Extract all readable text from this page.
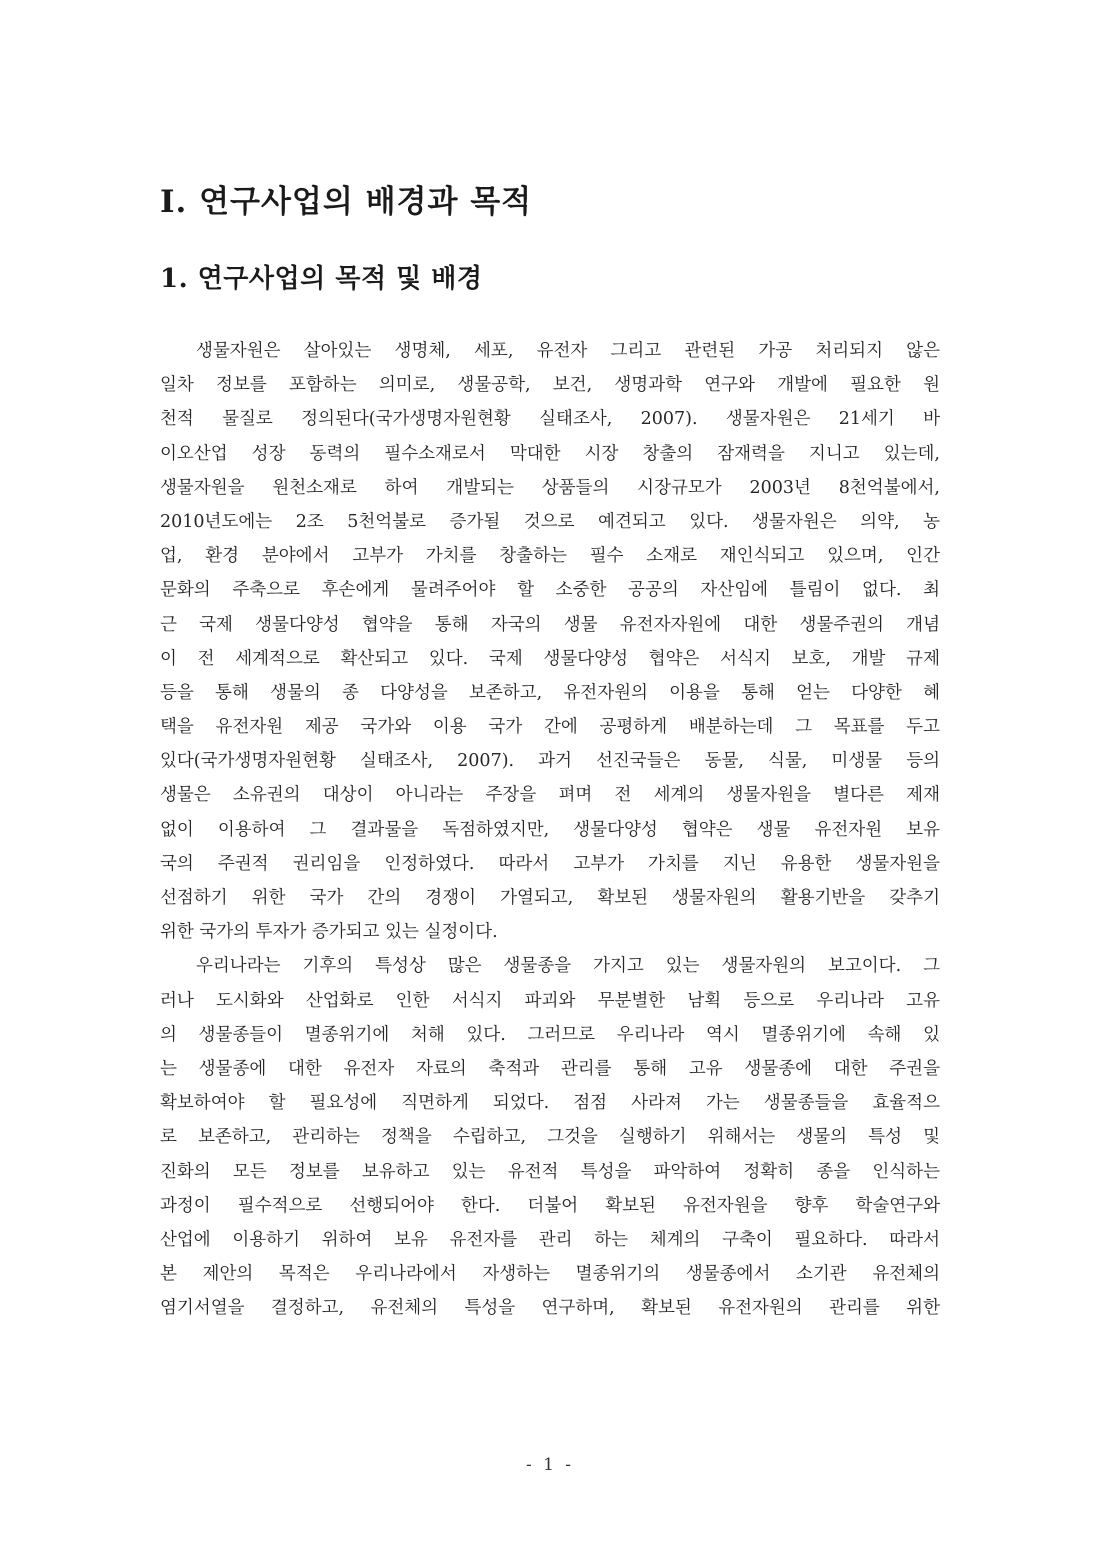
Ⅰ. 연구사업의 배경과 목적
1. 연구사업의 목적 및 배경
생물자원은 살아있는 생명체, 세포, 유전자 그리고 관련된 가공 처리되지 않은
일차 정보를 포함하는 의미로, 생물공학, 보건, 생명과학 연구와 개발에 필요한 원
천적 물질로 정의된다(국가생명자원현황 실태조사, 2007). 생물자원은 21세기 바
이오산업 성장 동력의 필수소재로서 막대한 시장 창출의 잠재력을 지니고 있는데,
생물자원을 원천소재로 하여 개발되는 상품들의 시장규모가 2003년 8천억불에서,
2010년도에는 2조 5천억불로 증가될 것으로 예견되고 있다. 생물자원은 의약, 농
업, 환경 분야에서 고부가 가치를 창출하는 필수 소재로 재인식되고 있으며, 인간
문화의 주축으로 후손에게 물려주어야 할 소중한 공공의 자산임에 틀림이 없다. 최
근 국제 생물다양성 협약을 통해 자국의 생물 유전자자원에 대한 생물주권의 개념
이 전 세계적으로 확산되고 있다. 국제 생물다양성 협약은 서식지 보호, 개발 규제
등을 통해 생물의 종 다양성을 보존하고, 유전자원의 이용을 통해 얻는 다양한 혜
택을 유전자원 제공 국가와 이용 국가 간에 공평하게 배분하는데 그 목표를 두고
있다(국가생명자원현황 실태조사, 2007). 과거 선진국들은 동물, 식물, 미생물 등의
생물은 소유권의 대상이 아니라는 주장을 펴며 전 세계의 생물자원을 별다른 제재
없이 이용하여 그 결과물을 독점하였지만, 생물다양성 협약은 생물 유전자원 보유
국의 주권적 권리임을 인정하였다. 따라서 고부가 가치를 지닌 유용한 생물자원을
선점하기 위한 국가 간의 경쟁이 가열되고, 확보된 생물자원의 활용기반을 갖추기
위한 국가의 투자가 증가되고 있는 실정이다.
우리나라는 기후의 특성상 많은 생물종을 가지고 있는 생물자원의 보고이다. 그
러나 도시화와 산업화로 인한 서식지 파괴와 무분별한 남획 등으로 우리나라 고유
의 생물종들이 멸종위기에 처해 있다. 그러므로 우리나라 역시 멸종위기에 속해 있
는 생물종에 대한 유전자 자료의 축적과 관리를 통해 고유 생물종에 대한 주권을
확보하여야 할 필요성에 직면하게 되었다. 점점 사라져 가는 생물종들을 효율적으
로 보존하고, 관리하는 정책을 수립하고, 그것을 실행하기 위해서는 생물의 특성 및
진화의 모든 정보를 보유하고 있는 유전적 특성을 파악하여 정확히 종을 인식하는
과정이 필수적으로 선행되어야 한다. 더불어 확보된 유전자원을 향후 학술연구와
산업에 이용하기 위하여 보유 유전자를 관리 하는 체계의 구축이 필요하다. 따라서
본 제안의 목적은 우리나라에서 자생하는 멸종위기의 생물종에서 소기관 유전체의
염기서열을 결정하고, 유전체의 특성을 연구하며, 확보된 유전자원의 관리를 위한
- 1 -
